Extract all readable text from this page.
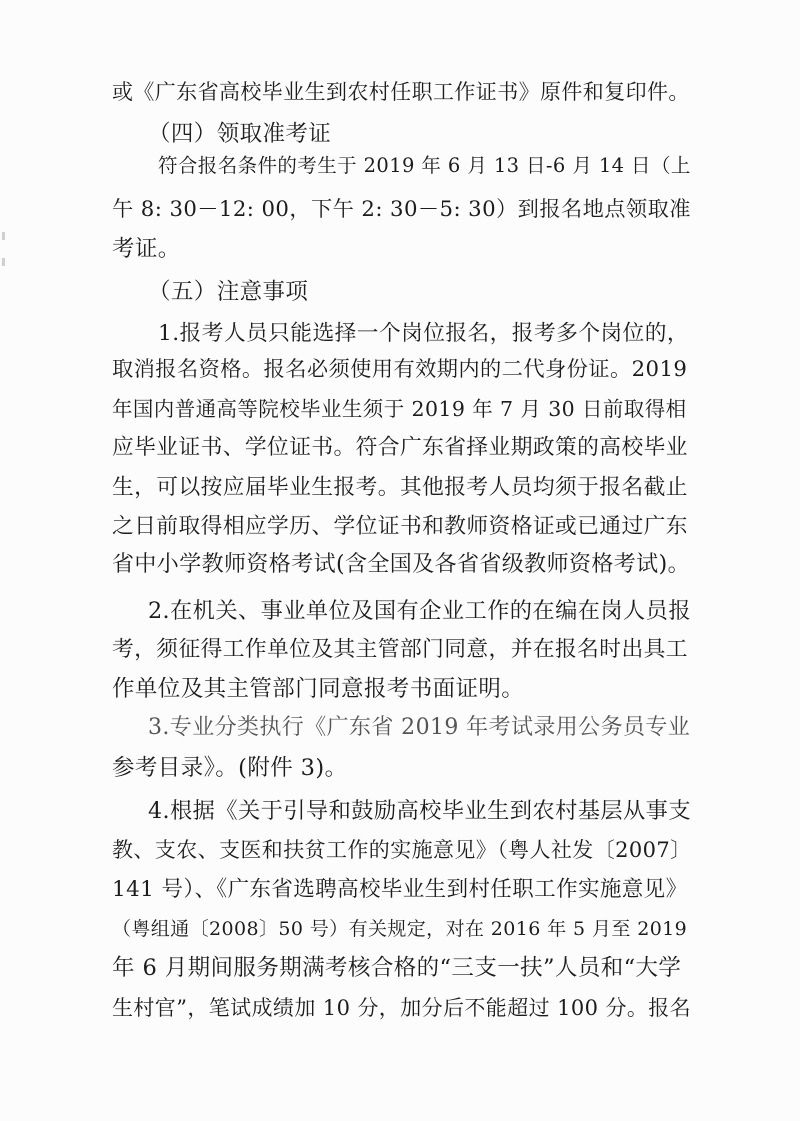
或《广东省高校毕业生到农村任职工作证书》原件和复印件。
（四）领取准考证
符合报名条件的考生于 2019 年 6 月 13 日-6 月 14 日（上
午 8: 30－12: 00，下午 2: 30－5: 30）到报名地点领取准
考证。
（五）注意事项
1.报考人员只能选择一个岗位报名，报考多个岗位的，
取消报名资格。报名必须使用有效期内的二代身份证。2019
年国内普通高等院校毕业生须于 2019 年 7 月 30 日前取得相
应毕业证书、学位证书。符合广东省择业期政策的高校毕业
生，可以按应届毕业生报考。其他报考人员均须于报名截止
之日前取得相应学历、学位证书和教师资格证或已通过广东
省中小学教师资格考试(含全国及各省省级教师资格考试)。
2.在机关、事业单位及国有企业工作的在编在岗人员报
考，须征得工作单位及其主管部门同意，并在报名时出具工
作单位及其主管部门同意报考书面证明。
3.专业分类执行《广东省 2019 年考试录用公务员专业
参考目录》。(附件 3)。
4.根据《关于引导和鼓励高校毕业生到农村基层从事支
教、支农、支医和扶贫工作的实施意见》（粤人社发〔2007〕
141 号）、《广东省选聘高校毕业生到村任职工作实施意见》
（粤组通〔2008〕50 号）有关规定，对在 2016 年 5 月至 2019
年 6 月期间服务期满考核合格的“三支一扶”人员和“大学
生村官”，笔试成绩加 10 分，加分后不能超过 100 分。报名
